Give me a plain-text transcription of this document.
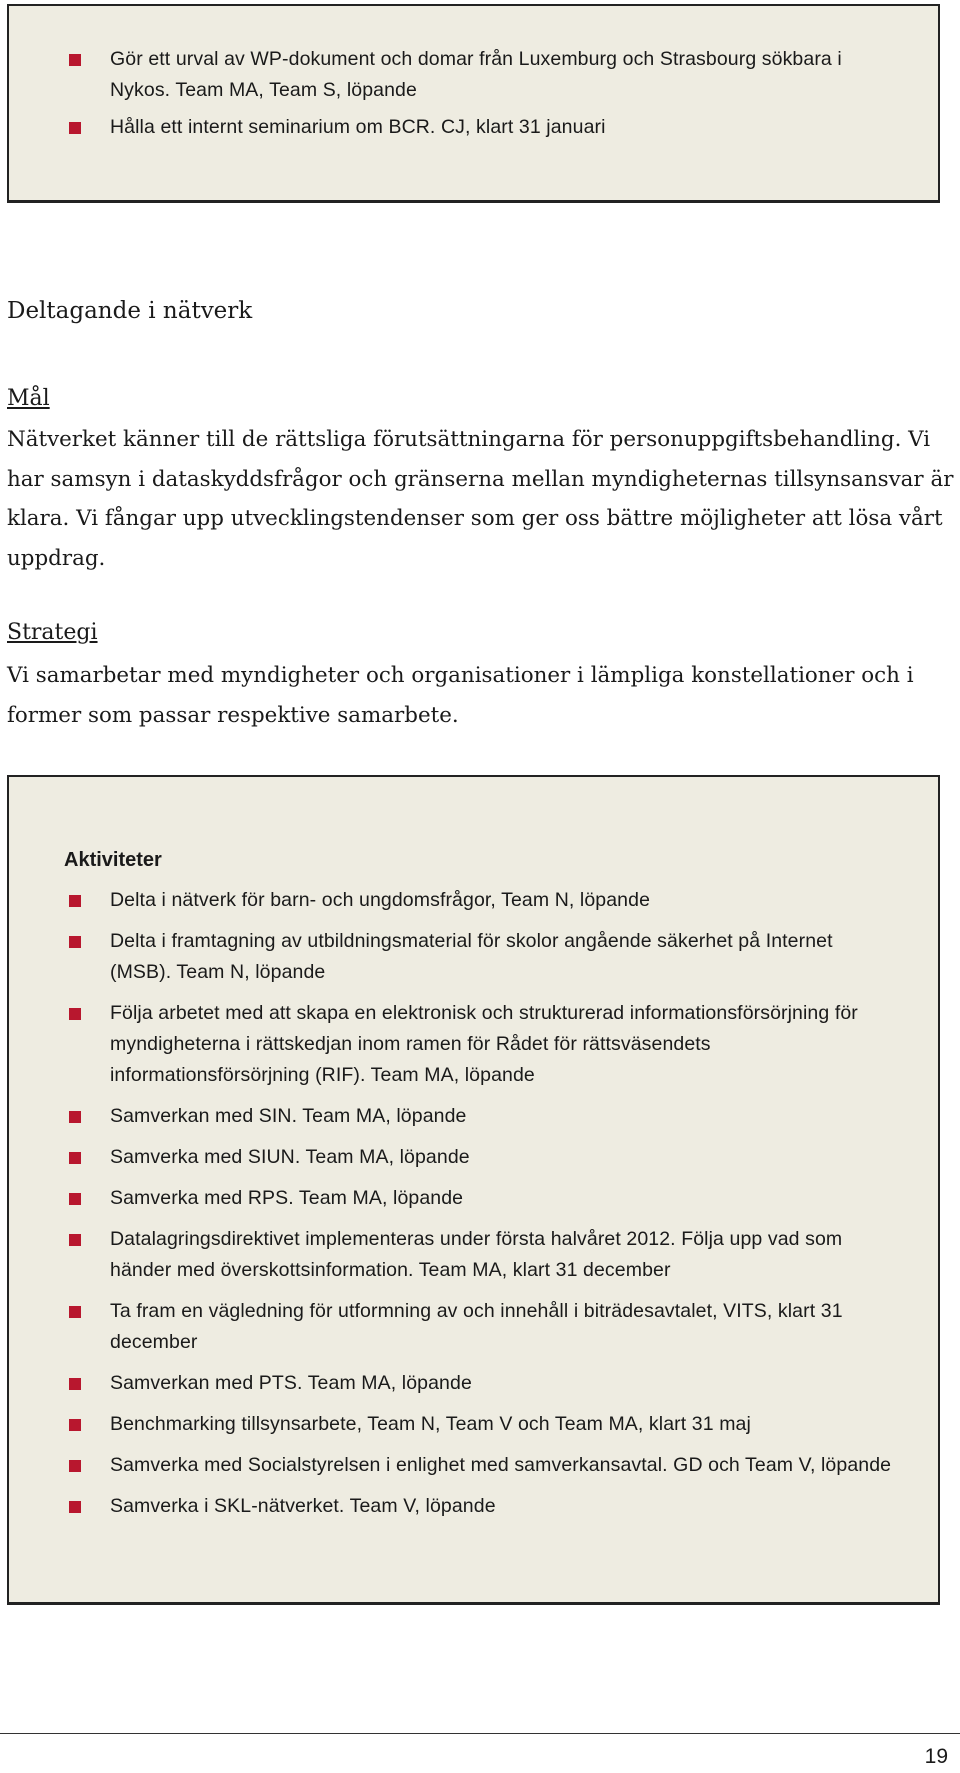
Gör ett urval av WP-dokument och domar från Luxemburg och Strasbourg sökbara i Nykos. Team MA, Team S, löpande
Hålla ett internt seminarium om BCR. CJ, klart 31 januari
Deltagande i nätverk
Mål

Nätverket känner till de rättsliga förutsättningarna för personuppgiftsbehandling. Vi har samsyn i dataskyddsfrågor och gränserna mellan myndigheternas tillsynsansvar är klara. Vi fångar upp utvecklingstendenser som ger oss bättre möjligheter att lösa vårt uppdrag.

Strategi

Vi samarbetar med myndigheter och organisationer i lämpliga konstellationer och i former som passar respektive samarbete.

Aktiviteter
Delta i nätverk för barn- och ungdomsfrågor, Team N, löpande
Delta i framtagning av utbildningsmaterial för skolor angående säkerhet på Internet (MSB). Team N, löpande
Följa arbetet med att skapa en elektronisk och strukturerad informationsförsörjning för myndigheterna i rättskedjan inom ramen för Rådet för rättsväsendets informationsförsörjning (RIF). Team MA, löpande
Samverkan med SIN. Team MA, löpande
Samverka med SIUN. Team MA, löpande
Samverka med RPS. Team MA, löpande
Datalagringsdirektivet implementeras under första halvåret 2012. Följa upp vad som händer med överskottsinformation. Team MA, klart 31 december
Ta fram en vägledning för utformning av och innehåll i biträdesavtalet, VITS, klart 31 december
Samverkan med PTS. Team MA, löpande
Benchmarking tillsynsarbete, Team N, Team V och Team MA, klart 31 maj
Samverka med Socialstyrelsen i enlighet med samverkansavtal. GD och Team V, löpande
Samverka i SKL-nätverket. Team V, löpande
19
